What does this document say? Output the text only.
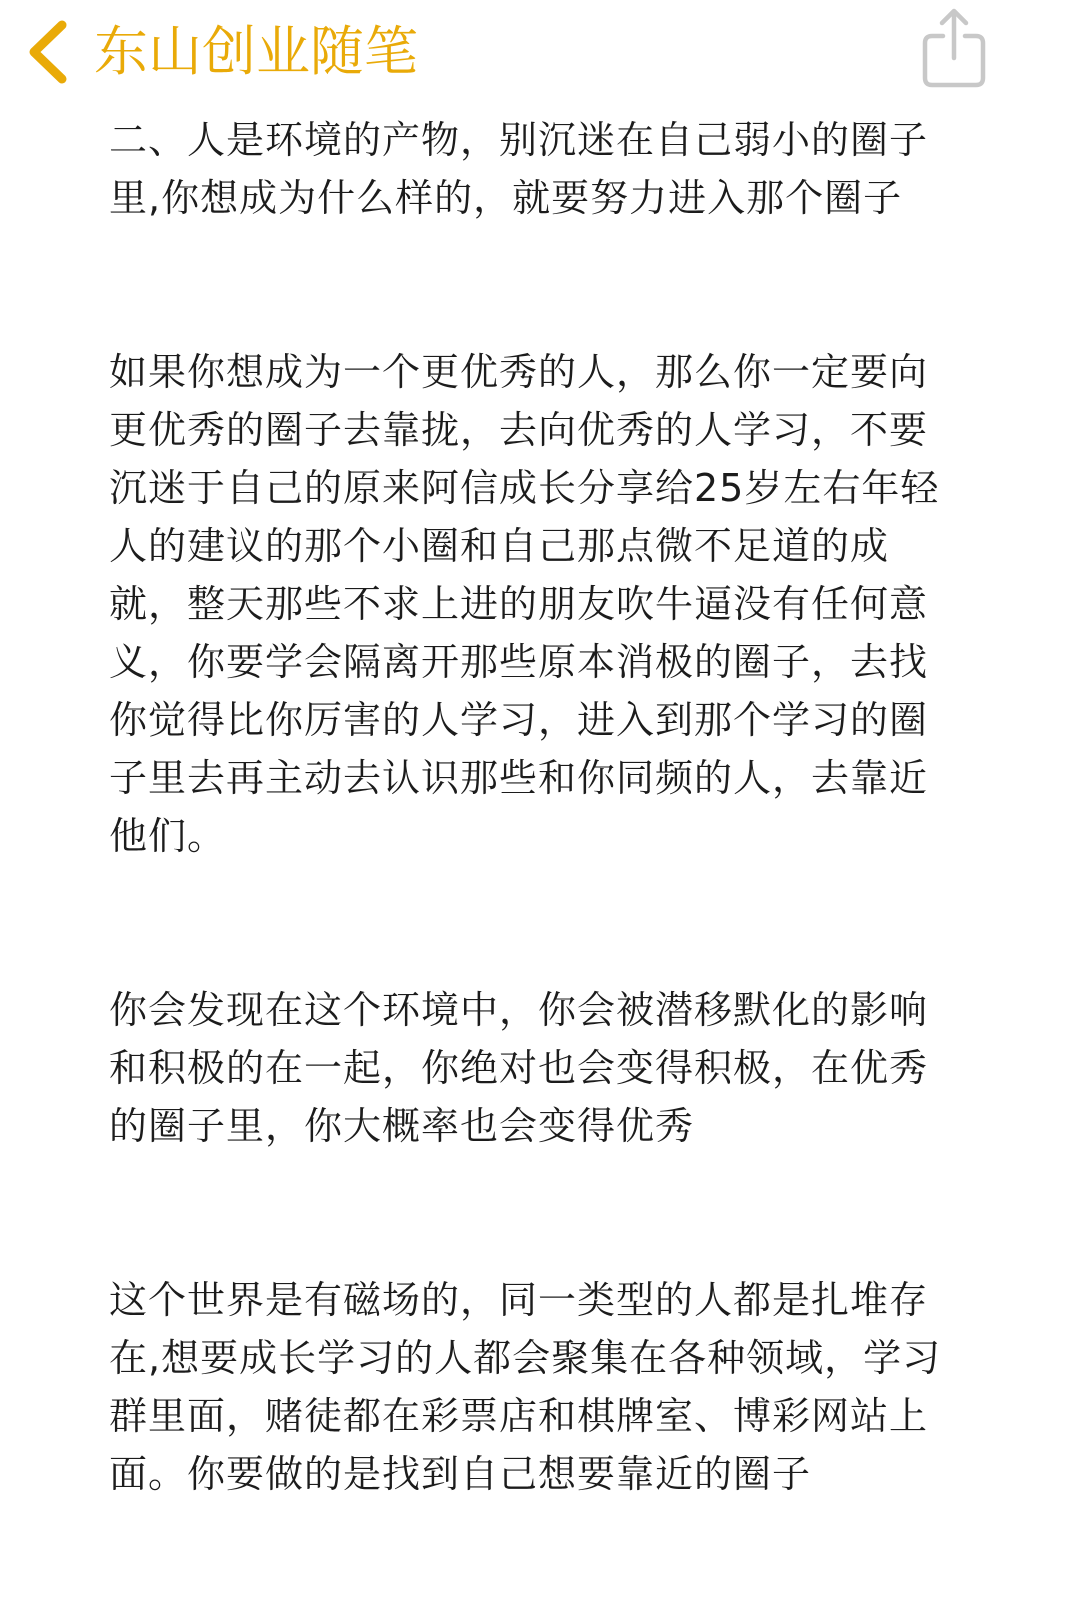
东山创业随笔

二、人是环境的产物，别沉迷在自己弱小的圈子里,你想成为什么样的，就要努力进入那个圈子

如果你想成为一个更优秀的人，那么你一定要向更优秀的圈子去靠拢，去向优秀的人学习，不要沉迷于自己的原来阿信成长分享给25岁左右年轻人的建议的那个小圈和自己那点微不足道的成就，整天那些不求上进的朋友吹牛逼没有任何意义，你要学会隔离开那些原本消极的圈子，去找你觉得比你厉害的人学习，进入到那个学习的圈子里去再主动去认识那些和你同频的人，去靠近他们。

你会发现在这个环境中，你会被潜移默化的影响和积极的在一起，你绝对也会变得积极，在优秀的圈子里，你大概率也会变得优秀

这个世界是有磁场的，同一类型的人都是扎堆存在,想要成长学习的人都会聚集在各种领域，学习群里面，赌徒都在彩票店和棋牌室、博彩网站上面。你要做的是找到自己想要靠近的圈子
